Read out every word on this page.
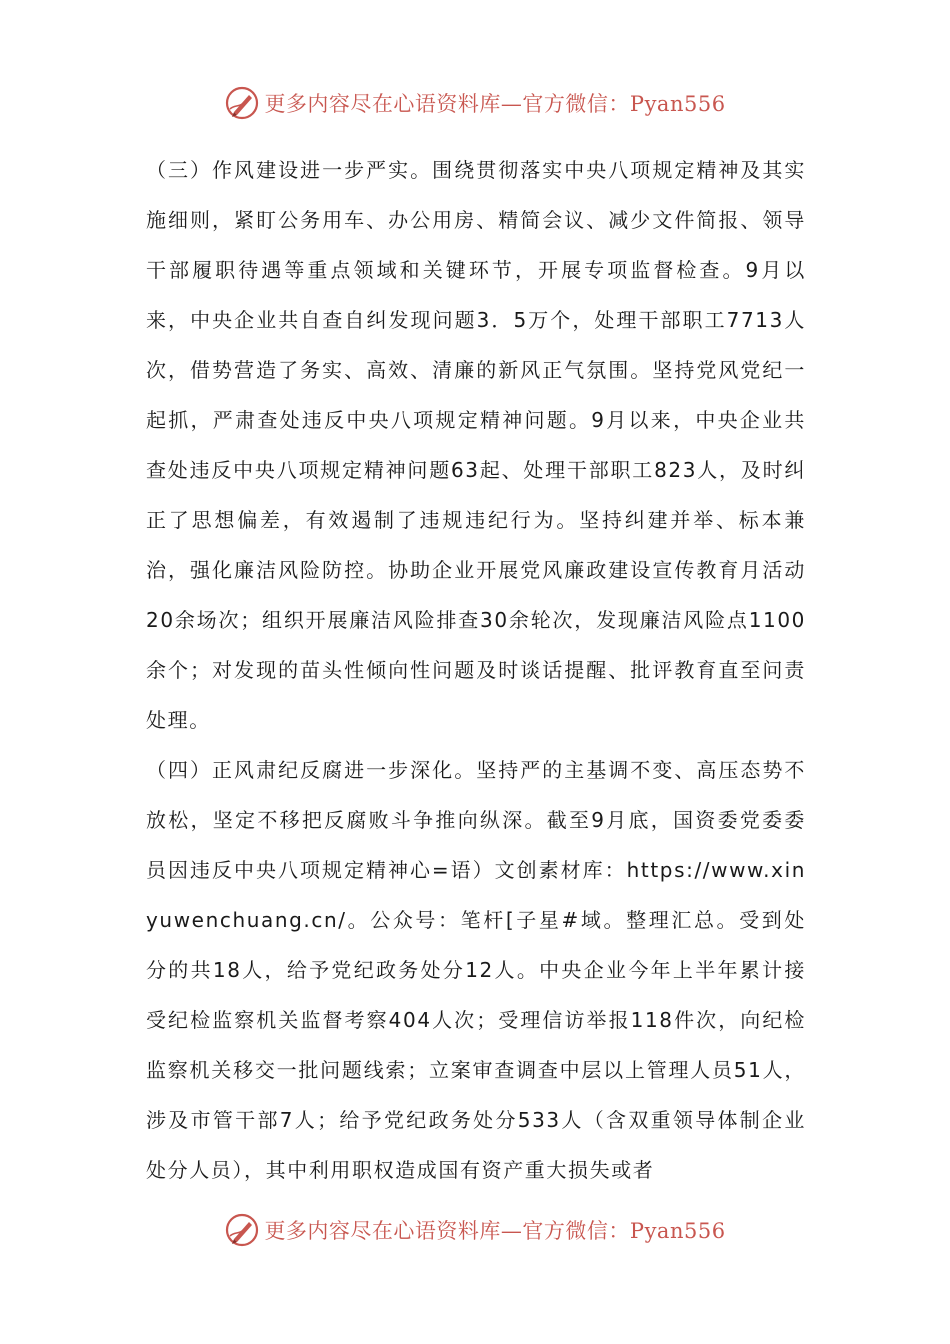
更多内容尽在心语资料库—官方微信：Pyan556

（三）作风建设进一步严实。围绕贯彻落实中央八项规定精神及其实施细则，紧盯公务用车、办公用房、精简会议、减少文件简报、领导干部履职待遇等重点领域和关键环节，开展专项监督检查。9月以来，中央企业共自查自纠发现问题3．5万个，处理干部职工7713人次，借势营造了务实、高效、清廉的新风正气氛围。坚持党风党纪一起抓，严肃查处违反中央八项规定精神问题。9月以来，中央企业共查处违反中央八项规定精神问题63起、处理干部职工823人，及时纠正了思想偏差，有效遏制了违规违纪行为。坚持纠建并举、标本兼治，强化廉洁风险防控。协助企业开展党风廉政建设宣传教育月活动20余场次；组织开展廉洁风险排查30余轮次，发现廉洁风险点1100余个；对发现的苗头性倾向性问题及时谈话提醒、批评教育直至问责处理。

（四）正风肃纪反腐进一步深化。坚持严的主基调不变、高压态势不放松，坚定不移把反腐败斗争推向纵深。截至9月底，国资委党委委员因违反中央八项规定精神心=语）文创素材库：https://www.xinyuwenchuang.cn/。公众号：笔杆[子星#域。整理汇总。受到处分的共18人，给予党纪政务处分12人。中央企业今年上半年累计接受纪检监察机关监督考察404人次；受理信访举报118件次，向纪检监察机关移交一批问题线索；立案审查调查中层以上管理人员51人，涉及市管干部7人；给予党纪政务处分533人（含双重领导体制企业处分人员），其中利用职权造成国有资产重大损失或者

更多内容尽在心语资料库—官方微信：Pyan556
